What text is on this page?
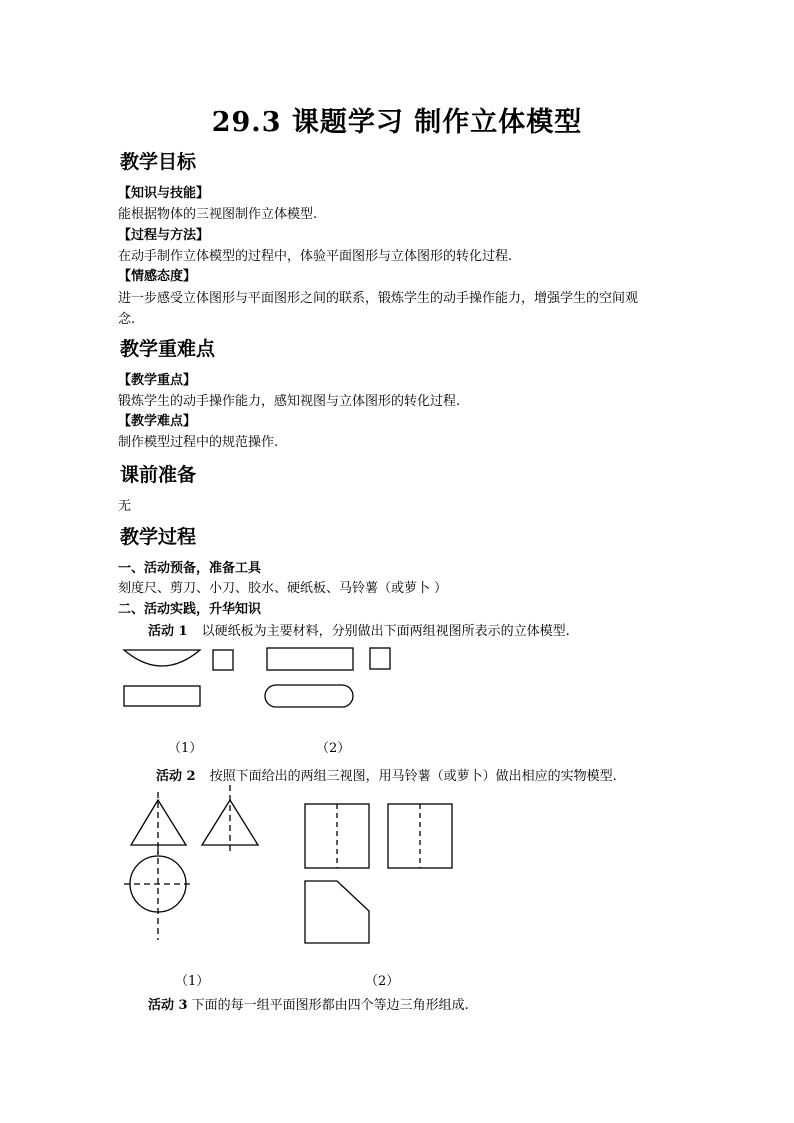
29.3 课题学习 制作立体模型
教学目标
【知识与技能】
能根据物体的三视图制作立体模型.
【过程与方法】
在动手制作立体模型的过程中，体验平面图形与立体图形的转化过程.
【情感态度】
进一步感受立体图形与平面图形之间的联系，锻炼学生的动手操作能力，增强学生的空间观
念.
教学重难点
【教学重点】
锻炼学生的动手操作能力，感知视图与立体图形的转化过程.
【教学难点】
制作模型过程中的规范操作.
课前准备
无
教学过程
一、活动预备，准备工具
刻度尺、剪刀、小刀、胶水、硬纸板、马铃薯（或萝卜 ）
二、活动实践，升华知识
活动 1 以硬纸板为主要材料，分别做出下面两组视图所表示的立体模型.
（1）	（2）
活动 2 按照下面给出的两组三视图，用马铃薯（或萝卜）做出相应的实物模型.
（1）	（2）
活动 3 下面的每一组平面图形都由四个等边三角形组成.
